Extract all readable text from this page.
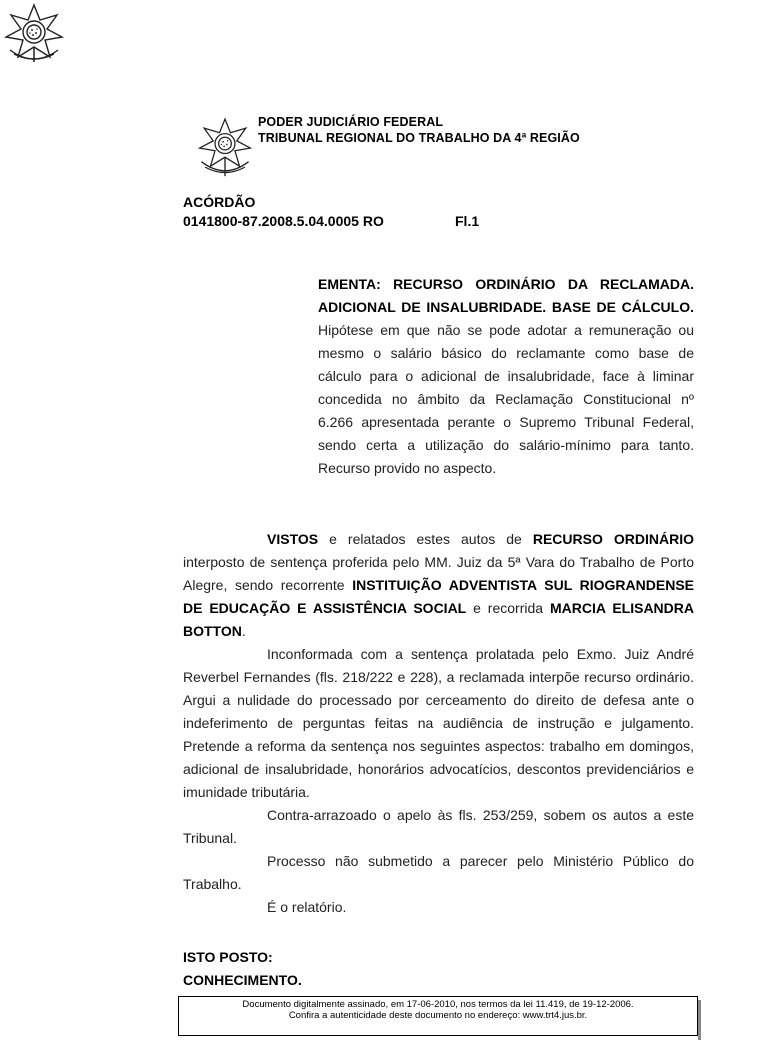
PODER JUDICIÁRIO FEDERAL
TRIBUNAL REGIONAL DO TRABALHO DA 4ª REGIÃO
ACÓRDÃO
0141800-87.2008.5.04.0005 RO	Fl.1
EMENTA: RECURSO ORDINÁRIO DA RECLAMADA. ADICIONAL DE INSALUBRIDADE. BASE DE CÁLCULO. Hipótese em que não se pode adotar a remuneração ou mesmo o salário básico do reclamante como base de cálculo para o adicional de insalubridade, face à liminar concedida no âmbito da Reclamação Constitucional nº 6.266 apresentada perante o Supremo Tribunal Federal, sendo certa a utilização do salário-mínimo para tanto. Recurso provido no aspecto.

VISTOS e relatados estes autos de RECURSO ORDINÁRIO interposto de sentença proferida pelo MM. Juiz da 5ª Vara do Trabalho de Porto Alegre, sendo recorrente INSTITUIÇÃO ADVENTISTA SUL RIOGRANDENSE DE EDUCAÇÃO E ASSISTÊNCIA SOCIAL e recorrida MARCIA ELISANDRA BOTTON.

Inconformada com a sentença prolatada pelo Exmo. Juiz André Reverbel Fernandes (fls. 218/222 e 228), a reclamada interpõe recurso ordinário. Argui a nulidade do processado por cerceamento do direito de defesa ante o indeferimento de perguntas feitas na audiência de instrução e julgamento. Pretende a reforma da sentença nos seguintes aspectos: trabalho em domingos, adicional de insalubridade, honorários advocatícios, descontos previdenciários e imunidade tributária.

Contra-arrazoado o apelo às fls. 253/259, sobem os autos a este Tribunal.

Processo não submetido a parecer pelo Ministério Público do Trabalho.

É o relatório.

ISTO POSTO:
CONHECIMENTO.
Documento digitalmente assinado, em 17-06-2010, nos termos da lei 11.419, de 19-12-2006.
Confira a autenticidade deste documento no endereço: www.trt4.jus.br.
